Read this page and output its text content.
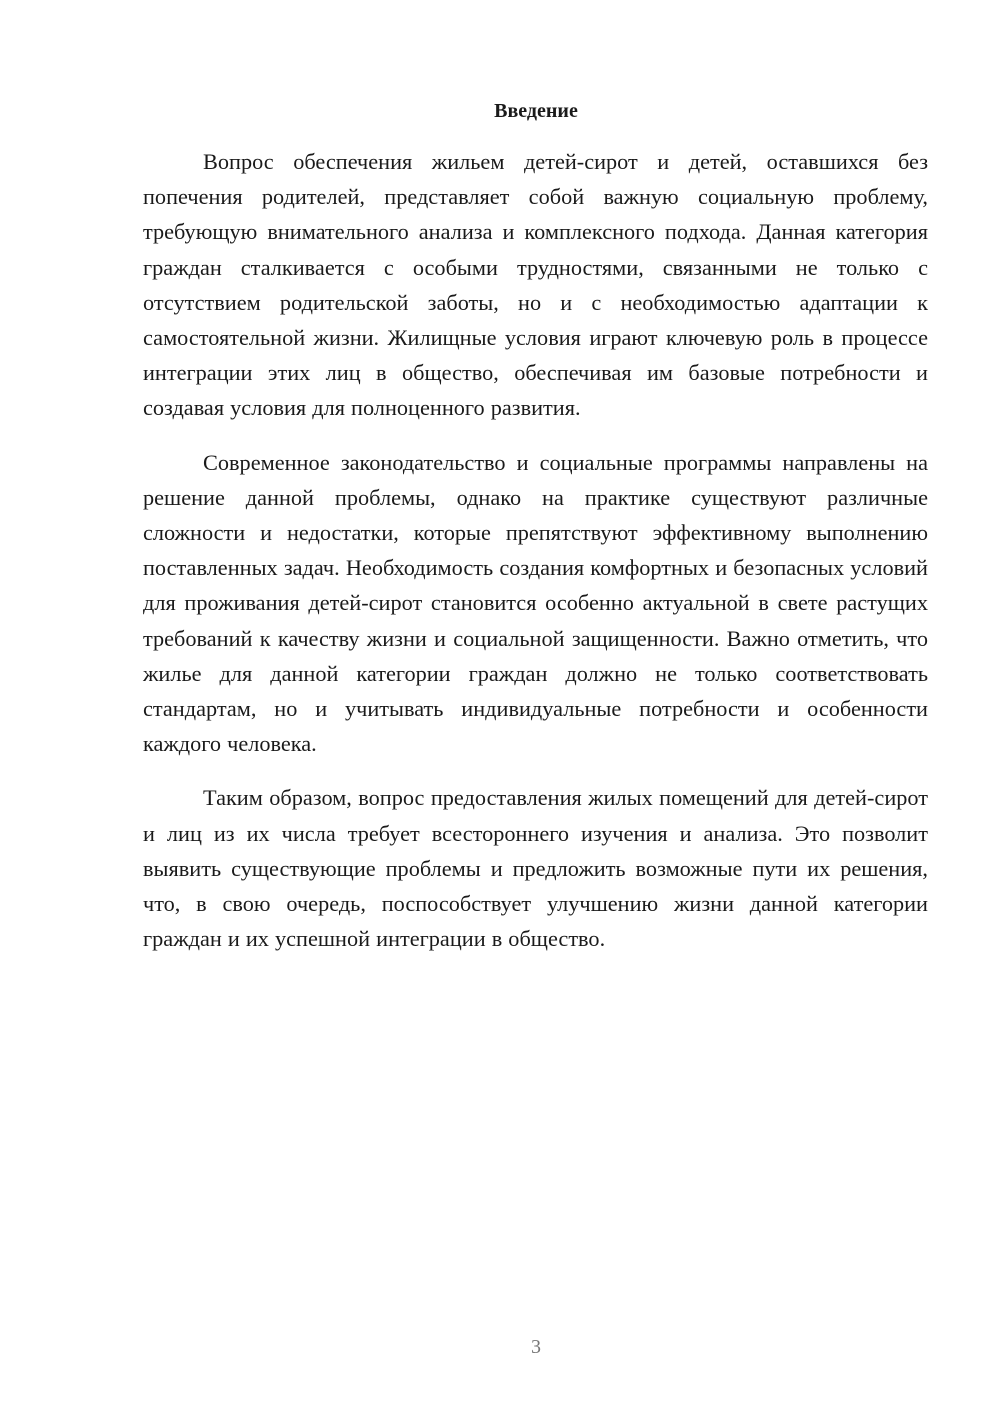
Введение

Вопрос обеспечения жильем детей-сирот и детей, оставшихся без попечения родителей, представляет собой важную социальную проблему, требующую внимательного анализа и комплексного подхода. Данная категория граждан сталкивается с особыми трудностями, связанными не только с отсутствием родительской заботы, но и с необходимостью адаптации к самостоятельной жизни. Жилищные условия играют ключевую роль в процессе интеграции этих лиц в общество, обеспечивая им базовые потребности и создавая условия для полноценного развития.

Современное законодательство и социальные программы направлены на решение данной проблемы, однако на практике существуют различные сложности и недостатки, которые препятствуют эффективному выполнению поставленных задач. Необходимость создания комфортных и безопасных условий для проживания детей-сирот становится особенно актуальной в свете растущих требований к качеству жизни и социальной защищенности. Важно отметить, что жилье для данной категории граждан должно не только соответствовать стандартам, но и учитывать индивидуальные потребности и особенности каждого человека.

Таким образом, вопрос предоставления жилых помещений для детей-сирот и лиц из их числа требует всестороннего изучения и анализа. Это позволит выявить существующие проблемы и предложить возможные пути их решения, что, в свою очередь, поспособствует улучшению жизни данной категории граждан и их успешной интеграции в общество.

3
